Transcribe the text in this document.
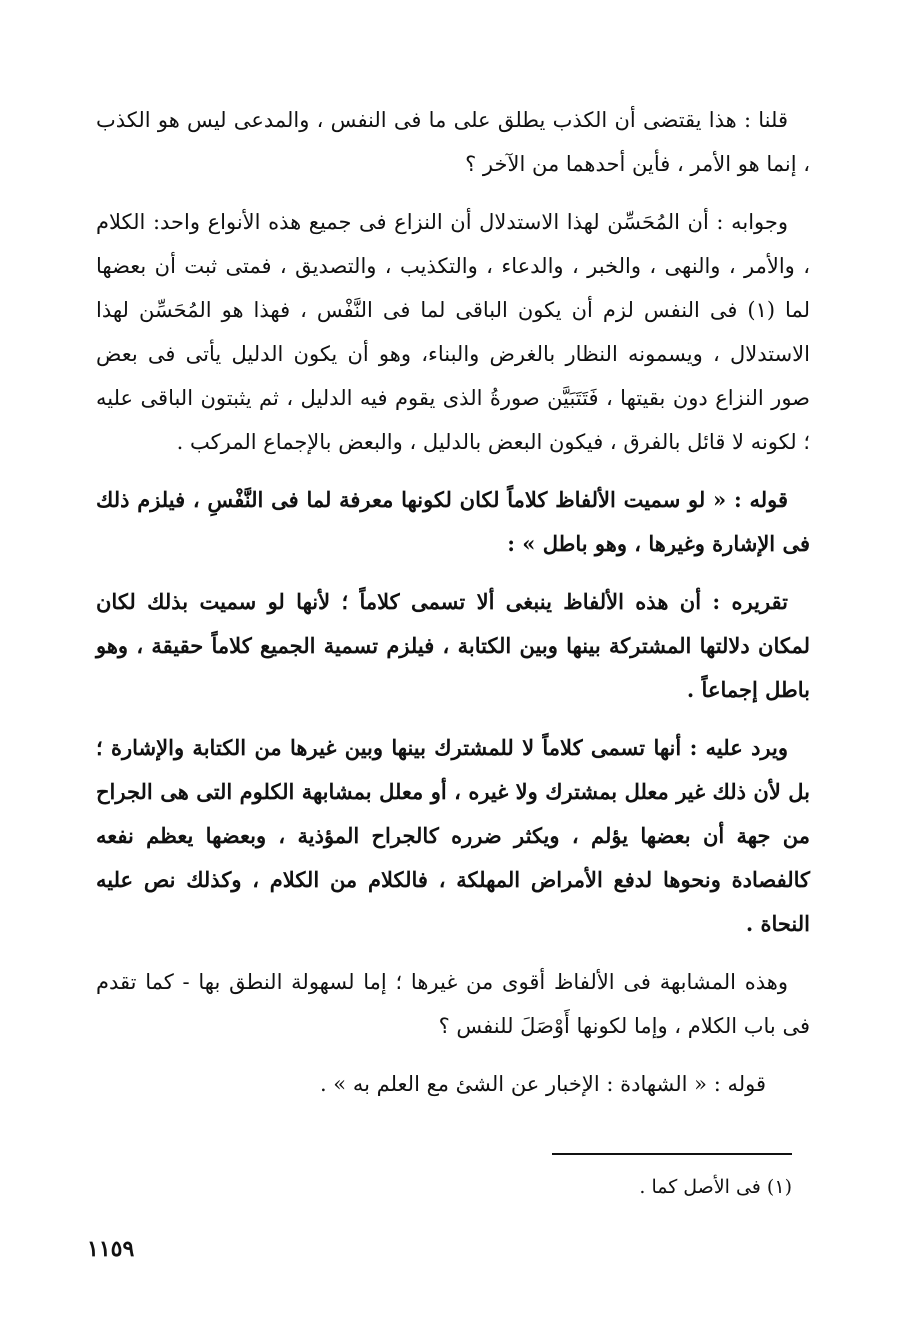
قلنا : هذا يقتضى أن الكذب يطلق على ما فى النفس ، والمدعى ليس هو الكذب ، إنما هو الأمر ، فأين أحدهما من الآخر ؟

وجوابه : أن المُحَسِّن لهذا الاستدلال أن النزاع فى جميع هذه الأنواع واحد: الكلام ، والأمر ، والنهى ، والخبر ، والدعاء ، والتكذيب ، والتصديق ، فمتى ثبت أن بعضها لما (١) فى النفس لزم أن يكون الباقى لما فى النَّفْس ، فهذا هو المُحَسِّن لهذا الاستدلال ، ويسمونه النظار بالغرض والبناء، وهو أن يكون الدليل يأتى فى بعض صور النزاع دون بقيتها ، فَتَتَبَيَّن صورةُ الذى يقوم فيه الدليل ، ثم يثبتون الباقى عليه ؛ لكونه لا قائل بالفرق ، فيكون البعض بالدليل ، والبعض بالإجماع المركب .

قوله : « لو سميت الألفاظ كلاماً لكان لكونها معرفة لما فى النَّفْسِ ، فيلزم ذلك فى الإشارة وغيرها ، وهو باطل » :

تقريره : أن هذه الألفاظ ينبغى ألا تسمى كلاماً ؛ لأنها لو سميت بذلك لكان لمكان دلالتها المشتركة بينها وبين الكتابة ، فيلزم تسمية الجميع كلاماً حقيقة ، وهو باطل إجماعاً .

ويرد عليه : أنها تسمى كلاماً لا للمشترك بينها وبين غيرها من الكتابة والإشارة ؛ بل لأن ذلك غير معلل بمشترك ولا غيره ، أو معلل بمشابهة الكلوم التى هى الجراح من جهة أن بعضها يؤلم ، ويكثر ضرره كالجراح المؤذية ، وبعضها يعظم نفعه كالفصادة ونحوها لدفع الأمراض المهلكة ، فالكلام من الكلام ، وكذلك نص عليه النحاة .

وهذه المشابهة فى الألفاظ أقوى من غيرها ؛ إما لسهولة النطق بها - كما تقدم فى باب الكلام ، وإما لكونها أَوْصَلَ للنفس ؟

قوله : « الشهادة : الإخبار عن الشئ مع العلم به » .

(١) فى الأصل كما .
١١٥٩
